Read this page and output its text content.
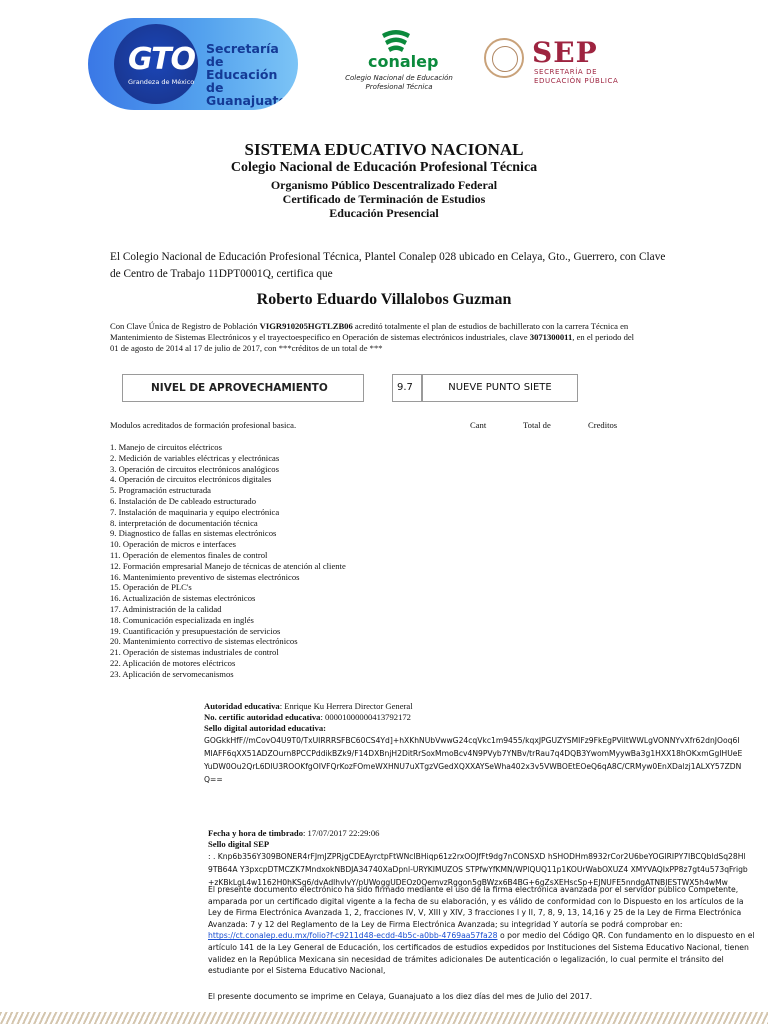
GTO
Grandeza de México
Secretaría
de Educación
de Guanajuato
conalep
Colegio Nacional de Educación
Profesional Técnica
SEP
SECRETARÍA DE
EDUCACIÓN PÚBLICA
SISTEMA EDUCATIVO NACIONAL
Colegio Nacional de Educación Profesional Técnica
Organismo Público Descentralizado Federal
Certificado de Terminación de Estudios
Educación Presencial
El Colegio Nacional de Educación Profesional Técnica, Plantel Conalep 028 ubicado en Celaya, Gto., Guerrero, con Clave de Centro de Trabajo 11DPT0001Q, certifica que
Roberto Eduardo Villalobos Guzman
Con Clave Única de Registro de Población VIGR910205HGTLZB06 acreditó totalmente el plan de estudios de bachillerato con la carrera Técnica en Mantenimiento de Sistemas Electrónicos y el trayectoespecifico en Operación de sistemas electrónicos industriales, clave 3071300011, en el periodo del 01 de agosto de 2014 al 17 de julio de 2017, con ***créditos de un total de ***
NIVEL DE APROVECHAMIENTO	9.7	NUEVE PUNTO SIETE
Modulos acreditados de formación profesional basica.	Cant	Total de	Creditos
1. Manejo de circuitos eléctricos
2. Medición de variables eléctricas y electrónicas
3. Operación de circuitos electrónicos analógicos
4. Operación de circuitos electrónicos digitales
5. Programación estructurada
6. Instalación de De cableado estructurado
7. Instalación de maquinaria y equipo electrónica
8. interpretación de documentación técnica
9. Diagnostico de fallas en sistemas electrónicos
10. Operación de micros e interfaces
11. Operación de elementos finales de control
12. Formación empresarial Manejo de técnicas de atención al cliente
16. Mantenimiento preventivo de sistemas electrónicos
15. Operación de PLC's
16. Actualización de sistemas electrónicos
17. Administración de la calidad
18. Comunicación especializada en inglés
19. Cuantificación y presupuestación de servicios
20. Mantenimiento correctivo de sistemas electrónicos
21. Operación de sistemas industriales de control
22. Aplicación de motores eléctricos
23. Aplicación de servomecanismos
Autoridad educativa: Enrique Ku Herrera Director General
No. certific autoridad educativa: 00001000000413792172
Sello digital autoridad educativa:
GOGkkHfF//mCovO4U9T0/TxUIRRRSFBC60CS4Yd]+hXKhNUbVwwG24cqVkc1m9455/kqxJPGUZYSMIFz9FkEgPViItWWLgVONNYvXfr62dnJOoq6IMIAFF6qXX51ADZOurn8PCCPddikBZk9/F14DXBnjH2DitRrSoxMmoBcv4N9PVyb7YNBv/trRau7q4DQB3YwomMyywBa3g1HXX18hOKxmGgIHUeEYuDW0Ou2QrL6DIU3ROOKfgOIVFQrKozFOmeWXHNU7uXTgzVGedXQXXAYSeWha402x3v5VWBOEtEOeQ6qA8C/CRMyw0EnXDalzj1ALXY57ZDNQ==
Fecha y hora de timbrado: 17/07/2017 22:29:06
Sello digital SEP
: . Knp6b356Y309BONER4rFJmJZPRjgCDEAyrctpFtWNcIBHiqp61z2rxOOJfFt9dg7nCONSXD hSHODHm8932rCor2U6beYOGIRIPY7IBCQbldSq28Hl9TB64A Y3pxcpDTMCZK7MndxokNBDJA34740XaDpnl-URYKIMUZOS STPfwYfKMN/WPlQUQ11p1KOUrWabOXUZ4 XMYVAQIxPP8z7gt4u573qFrigb+zKBkLgL4w1162H0hKSg6/dvAdlhvIvY/pUWoggUDEOz0QemvzRggon5gBWzx6B4BG+6gZsXEHscSp+EJNUFE5nndgATNBIESTWX5h4wMw
El presente documento electrónico ha sido firmado mediante el uso de la firma electrónica avanzada por el servidor público Competente, amparada por un certificado digital vigente a la fecha de su elaboración, y es válido de conformidad con lo Dispuesto en los artículos de la Ley de Firma Electrónica Avanzada 1, 2, fracciones IV, V, XIII y XIV, 3 fracciones I y II, 7, 8, 9, 13, 14,16 y 25 de la Ley de Firma Electrónica Avanzada: 7 y 12 del Reglamento de la Ley de Firma Electrónica Avanzada; su integridad Y autoría se podrá comprobar en: https://ct.conalep.edu.mx/folio?f-c9211d48-ecdd-4b5c-a0bb-4769aa57fa28 o por medio del Código QR. Con fundamento en lo dispuesto en el artículo 141 de la Ley General de Educación, los certificados de estudios expedidos por Instituciones del Sistema Educativo Nacional, tienen validez en la República Mexicana sin necesidad de trámites adicionales De autenticación o legalización, lo cual permite el tránsito del estudiante por el Sistema Educativo Nacional,
El presente documento se imprime en Celaya, Guanajuato a los diez días del mes de Julio del 2017.
